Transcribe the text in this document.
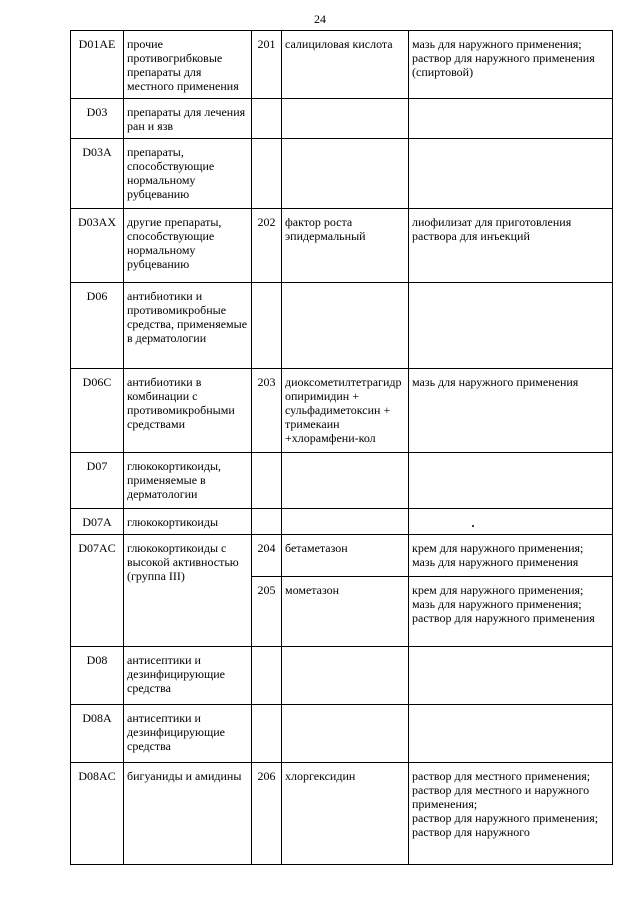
24
D01AE	прочие противогрибковые препараты для местного применения	201	салициловая кислота	мазь для наружного применения;
раствор для наружного применения (спиртовой)

D03	препараты для лечения ран и язв			
D03A	препараты, способствующие нормальному рубцеванию			
D03AX	другие препараты, способствующие нормальному рубцеванию	202	фактор роста эпидермальный	лиофилизат для приготовления раствора для инъекций

D06	антибиотики и противомикробные средства, применяемые в дерматологии			
D06C	антибиотики в комбинации с противомикробными средствами	203	диоксометилтетрагидропиримидин + сульфадиметоксин + тримекаин +хлорамфени-кол	мазь для наружного применения

D07	глюкокортикоиды, применяемые в дерматологии			
D07A	глюкокортикоиды			
D07AC	глюкокортикоиды с высокой активностью (группа III)	204	бетаметазон	крем для наружного применения;
мазь для наружного применения

		205	мометазон	крем для наружного применения;
мазь для наружного применения;
раствор для наружного применения

D08	антисептики и дезинфицирующие средства			
D08A	антисептики и дезинфицирующие средства			
D08AC	бигуаниды и амидины	206	хлоргексидин	раствор для местного применения;
раствор для местного и наружного применения;
раствор для наружного применения;
раствор для наружного
